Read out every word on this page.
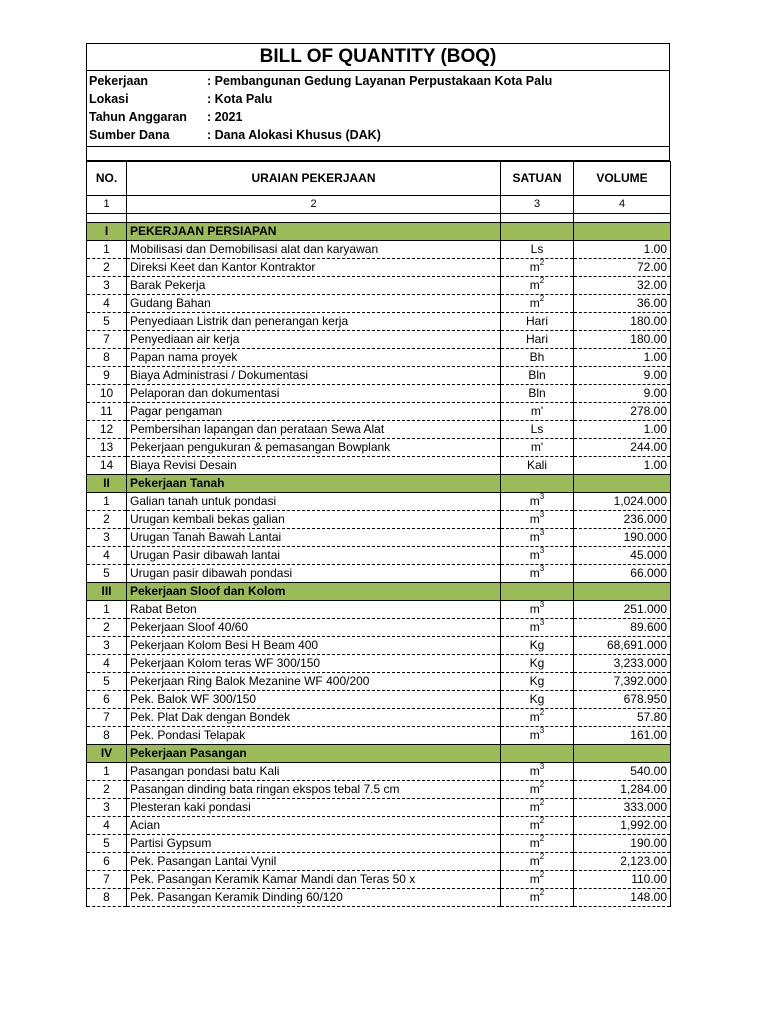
BILL OF QUANTITY (BOQ)
Pekerjaan	: Pembangunan Gedung Layanan Perpustakaan Kota Palu
Lokasi	: Kota Palu
Tahun Anggaran	: 2021
Sumber Dana	: Dana Alokasi Khusus (DAK)
NO.	URAIAN PEKERJAAN	SATUAN	VOLUME
1	2	3	4

I	PEKERJAAN PERSIAPAN		
1	Mobilisasi dan Demobilisasi alat dan karyawan	Ls	1.00
2	Direksi Keet dan Kantor Kontraktor	$m^2$	72.00
3	Barak Pekerja	$m^2$	32.00
4	Gudang Bahan	$m^2$	36.00
5	Penyediaan Listrik dan penerangan kerja	Hari	180.00
7	Penyediaan air kerja	Hari	180.00
8	Papan nama proyek	Bh	1.00
9	Biaya Administrasi / Dokumentasi	Bln	9.00
10	Pelaporan dan dokumentasi	Bln	9.00
11	Pagar pengaman	m'	278.00
12	Pembersihan lapangan dan perataan Sewa Alat	Ls	1.00
13	Pekerjaan pengukuran & pemasangan Bowplank	m'	244.00
14	Biaya Revisi Desain	Kali	1.00
II	Pekerjaan Tanah		
1	Galian tanah untuk pondasi	$m^3$	1,024.000
2	Urugan kembali bekas galian	$m^3$	236.000
3	Urugan Tanah Bawah Lantai	$m^3$	190.000
4	Urugan Pasir dibawah lantai	$m^3$	45.000
5	Urugan pasir dibawah pondasi	$m^3$	66.000
III	Pekerjaan Sloof dan Kolom		
1	Rabat Beton	$m^3$	251.000
2	Pekerjaan Sloof 40/60	$m^3$	89.600
3	Pekerjaan Kolom Besi H Beam 400	Kg	68,691.000
4	Pekerjaan Kolom teras WF 300/150	Kg	3,233.000
5	Pekerjaan Ring Balok Mezanine WF 400/200	Kg	7,392.000
6	Pek. Balok WF 300/150	Kg	678.950
7	Pek. Plat Dak dengan Bondek	$m^2$	57.80
8	Pek. Pondasi Telapak	$m^3$	161.00
IV	Pekerjaan Pasangan		
1	Pasangan pondasi batu Kali	$m^3$	540.00
2	Pasangan dinding bata ringan ekspos tebal 7.5 cm	$m^2$	1,284.00
3	Plesteran kaki pondasi	$m^2$	333.000
4	Acian	$m^2$	1,992.00
5	Partisi Gypsum	$m^2$	190.00
6	Pek. Pasangan Lantai Vynil	$m^2$	2,123.00
7	Pek. Pasangan Keramik Kamar Mandi dan Teras 50 x	$m^2$	110.00
8	Pek. Pasangan Keramik Dinding 60/120	$m^2$	148.00
